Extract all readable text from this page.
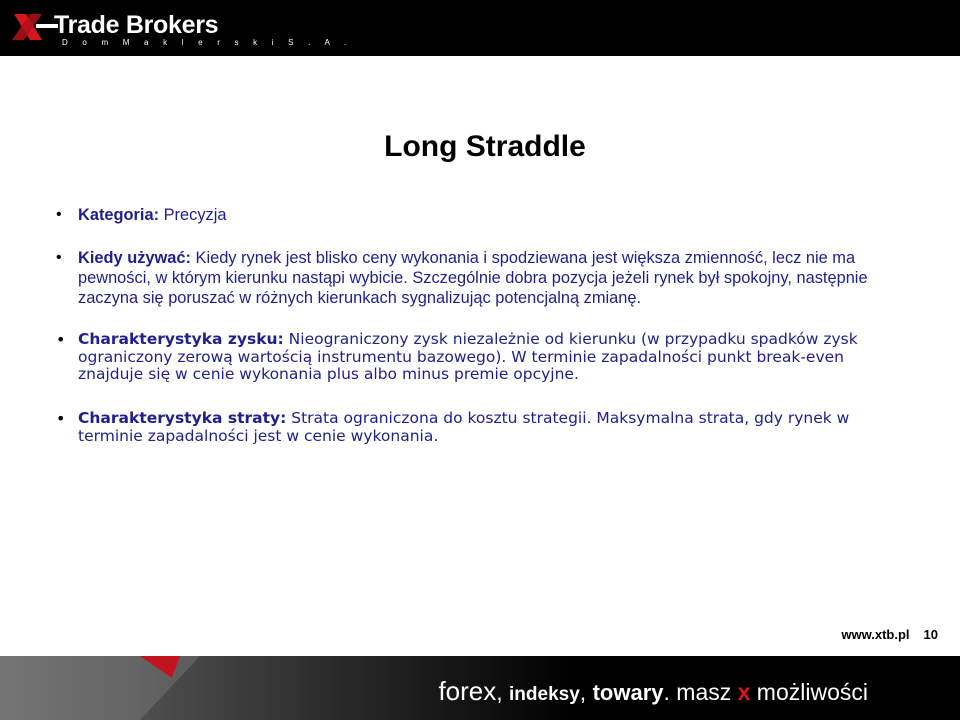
Trade Brokers
D o m M a k l e r s k i S . A .
Long Straddle
• Kategoria: Precyzja
• Kiedy używać: Kiedy rynek jest blisko ceny wykonania i spodziewana jest większa zmienność, lecz nie ma pewności, w którym kierunku nastąpi wybicie. Szczególnie dobra pozycja jeżeli rynek był spokojny, następnie zaczyna się poruszać w różnych kierunkach sygnalizując potencjalną zmianę.
• Charakterystyka zysku: Nieograniczony zysk niezależnie od kierunku (w przypadku spadków zysk ograniczony zerową wartością instrumentu bazowego). W terminie zapadalności punkt break-even znajduje się w cenie wykonania plus albo minus premie opcyjne.
• Charakterystyka straty: Strata ograniczona do kosztu strategii. Maksymalna strata, gdy rynek w terminie zapadalności jest w cenie wykonania.
www.xtb.pl 10
forex, indeksy, towary. masz x możliwości
